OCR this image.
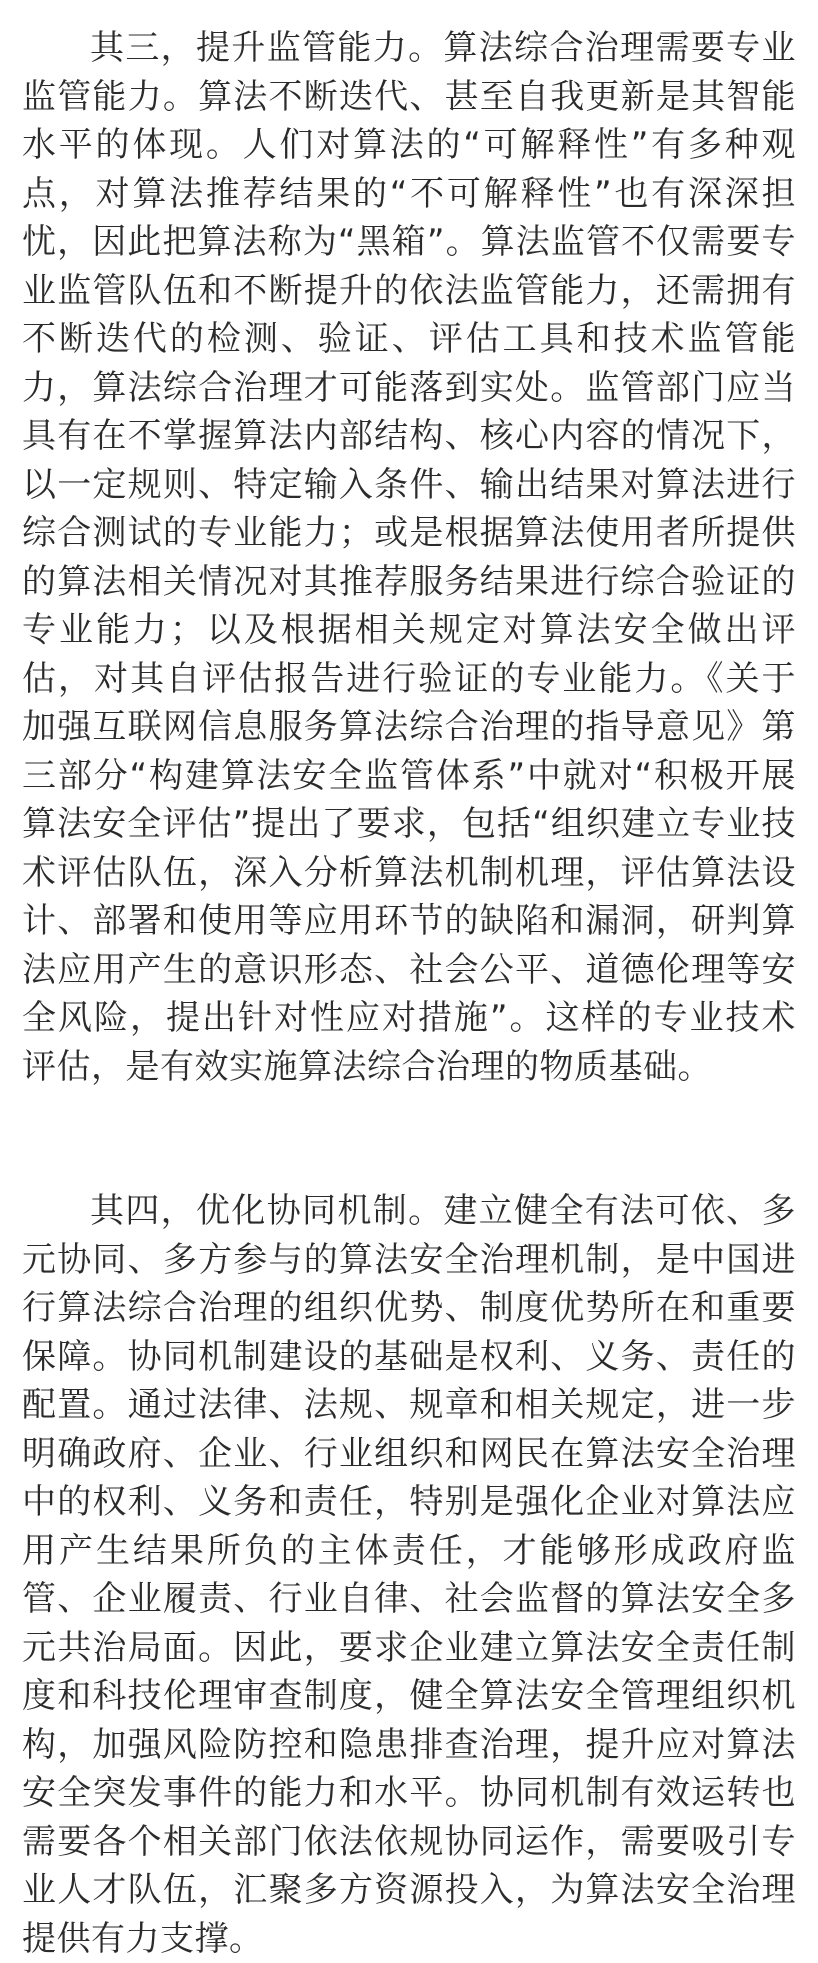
其三，提升监管能力。算法综合治理需要专业监管能力。算法不断迭代、甚至自我更新是其智能水平的体现。人们对算法的“可解释性”有多种观点，对算法推荐结果的“不可解释性”也有深深担忧，因此把算法称为“黑箱”。算法监管不仅需要专业监管队伍和不断提升的依法监管能力，还需拥有不断迭代的检测、验证、评估工具和技术监管能力，算法综合治理才可能落到实处。监管部门应当具有在不掌握算法内部结构、核心内容的情况下，以一定规则、特定输入条件、输出结果对算法进行综合测试的专业能力；或是根据算法使用者所提供的算法相关情况对其推荐服务结果进行综合验证的专业能力；以及根据相关规定对算法安全做出评估，对其自评估报告进行验证的专业能力。《关于加强互联网信息服务算法综合治理的指导意见》第三部分“构建算法安全监管体系”中就对“积极开展算法安全评估”提出了要求，包括“组织建立专业技术评估队伍，深入分析算法机制机理，评估算法设计、部署和使用等应用环节的缺陷和漏洞，研判算法应用产生的意识形态、社会公平、道德伦理等安全风险，提出针对性应对措施”。这样的专业技术评估，是有效实施算法综合治理的物质基础。

其四，优化协同机制。建立健全有法可依、多元协同、多方参与的算法安全治理机制，是中国进行算法综合治理的组织优势、制度优势所在和重要保障。协同机制建设的基础是权利、义务、责任的配置。通过法律、法规、规章和相关规定，进一步明确政府、企业、行业组织和网民在算法安全治理中的权利、义务和责任，特别是强化企业对算法应用产生结果所负的主体责任，才能够形成政府监管、企业履责、行业自律、社会监督的算法安全多元共治局面。因此，要求企业建立算法安全责任制度和科技伦理审查制度，健全算法安全管理组织机构，加强风险防控和隐患排查治理，提升应对算法安全突发事件的能力和水平。协同机制有效运转也需要各个相关部门依法依规协同运作，需要吸引专业人才队伍，汇聚多方资源投入，为算法安全治理提供有力支撑。
